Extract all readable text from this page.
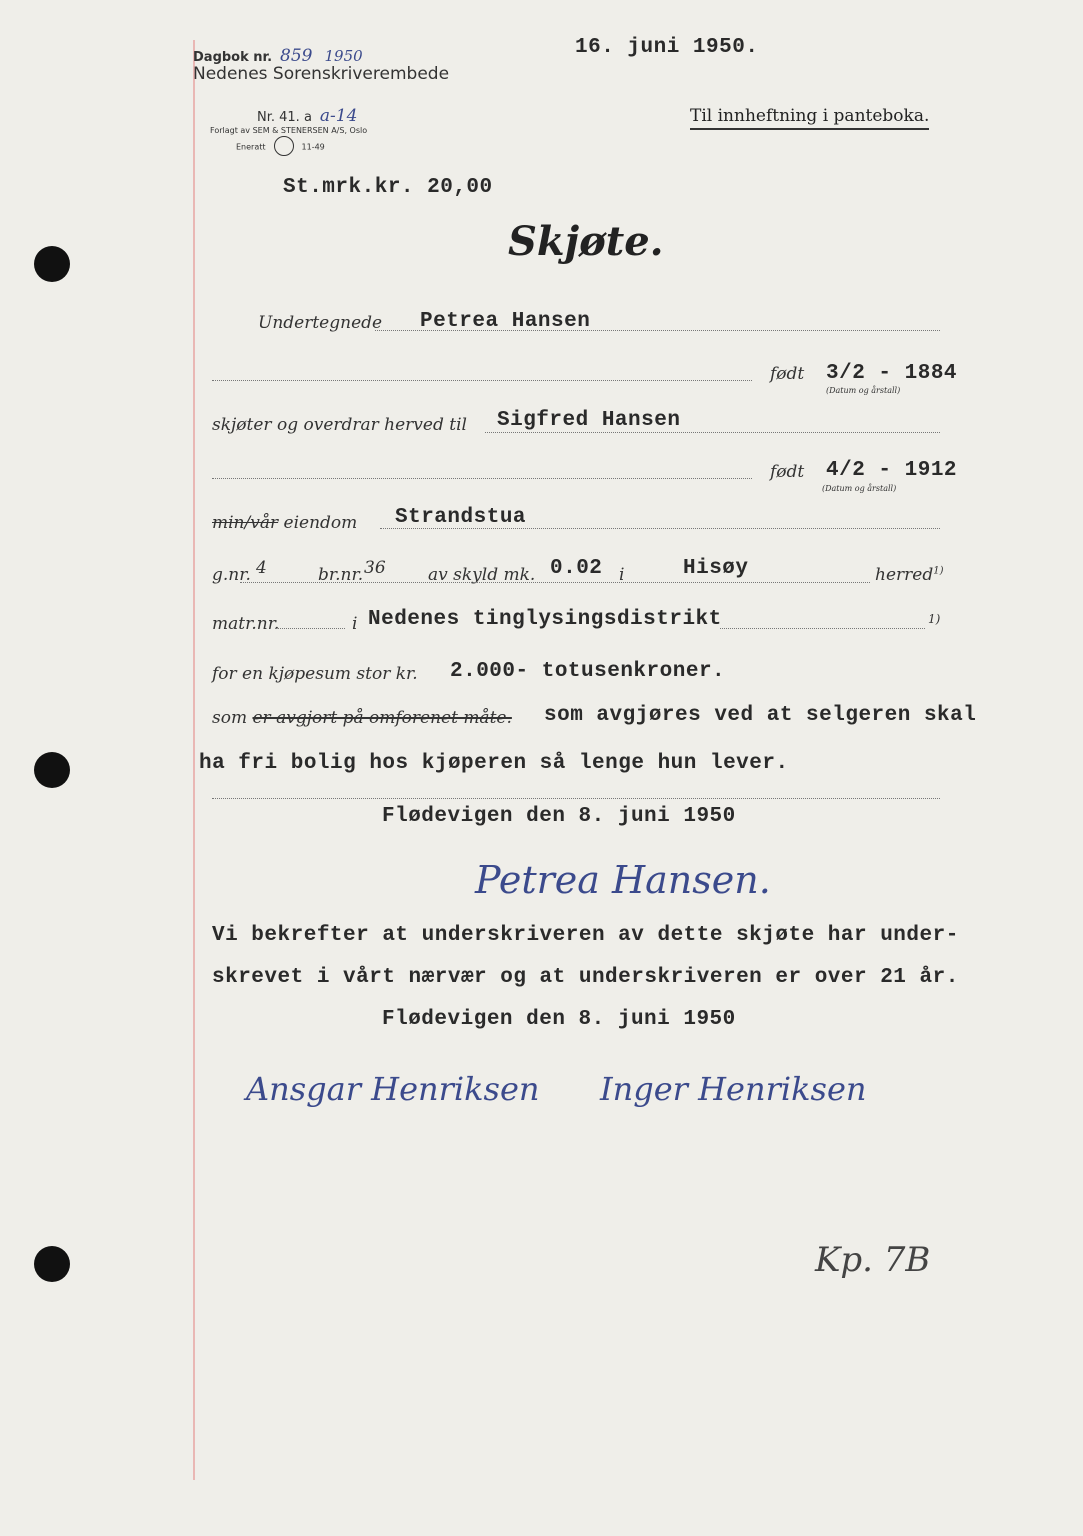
Dagbok nr. 859 1950
Nedenes Sorenskriverembede
Nr. 41. a a-14
Forlagt av SEM & STENERSEN A/S, Oslo
Eneratt	11-49
16. juni 1950.
Til innheftning i panteboka.
St.mrk.kr. 20,00
Skjøte.
Undertegnede Petrea Hansen
født 3/2 - 1884
(Datum og årstall)
skjøter og overdrar herved til Sigfred Hansen
født 4/2 - 1912
(Datum og årstall)
min/vår eiendom Strandstua
g.nr. 4	br.nr. 36 av skyld mk. 0.02 i	Hisøy	herred$^{1)}$
matr.nr.	i Nedenes tinglysingsdistrikt	1)
for en kjøpesum stor kr. 2.000- totusenkroner.
som er avgjort på omforenet måte. som avgjøres ved at selgeren skal
ha fri bolig hos kjøperen så lenge hun lever.
Flødevigen den 8. juni 1950
Petrea Hansen.
Vi bekrefter at underskriveren av dette skjøte har under-
skrevet i vårt nærvær og at underskriveren er over 21 år.
Flødevigen den 8. juni 1950
Ansgar Henriksen Inger Henriksen
Kp. 7B
